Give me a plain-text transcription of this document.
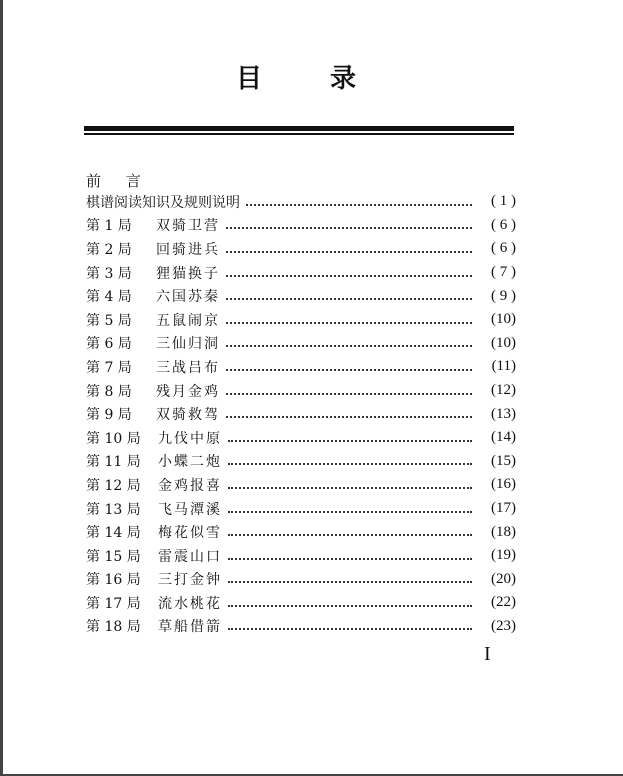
目	录
前 言
棋谱阅读知识及规则说明	( 1 )
第 1 局	双骑卫营	( 6 )
第 2 局	回骑进兵	( 6 )
第 3 局	狸猫换子	( 7 )
第 4 局	六国苏秦	( 9 )
第 5 局	五鼠闹京	(10)
第 6 局	三仙归洞	(10)
第 7 局	三战吕布	(11)
第 8 局	残月金鸡	(12)
第 9 局	双骑救驾	(13)
第 10 局	九伐中原	(14)
第 11 局	小蝶二炮	(15)
第 12 局	金鸡报喜	(16)
第 13 局	飞马潭溪	(17)
第 14 局	梅花似雪	(18)
第 15 局	雷震山口	(19)
第 16 局	三打金钟	(20)
第 17 局	流水桃花	(22)
第 18 局	草船借箭	(23)
I
